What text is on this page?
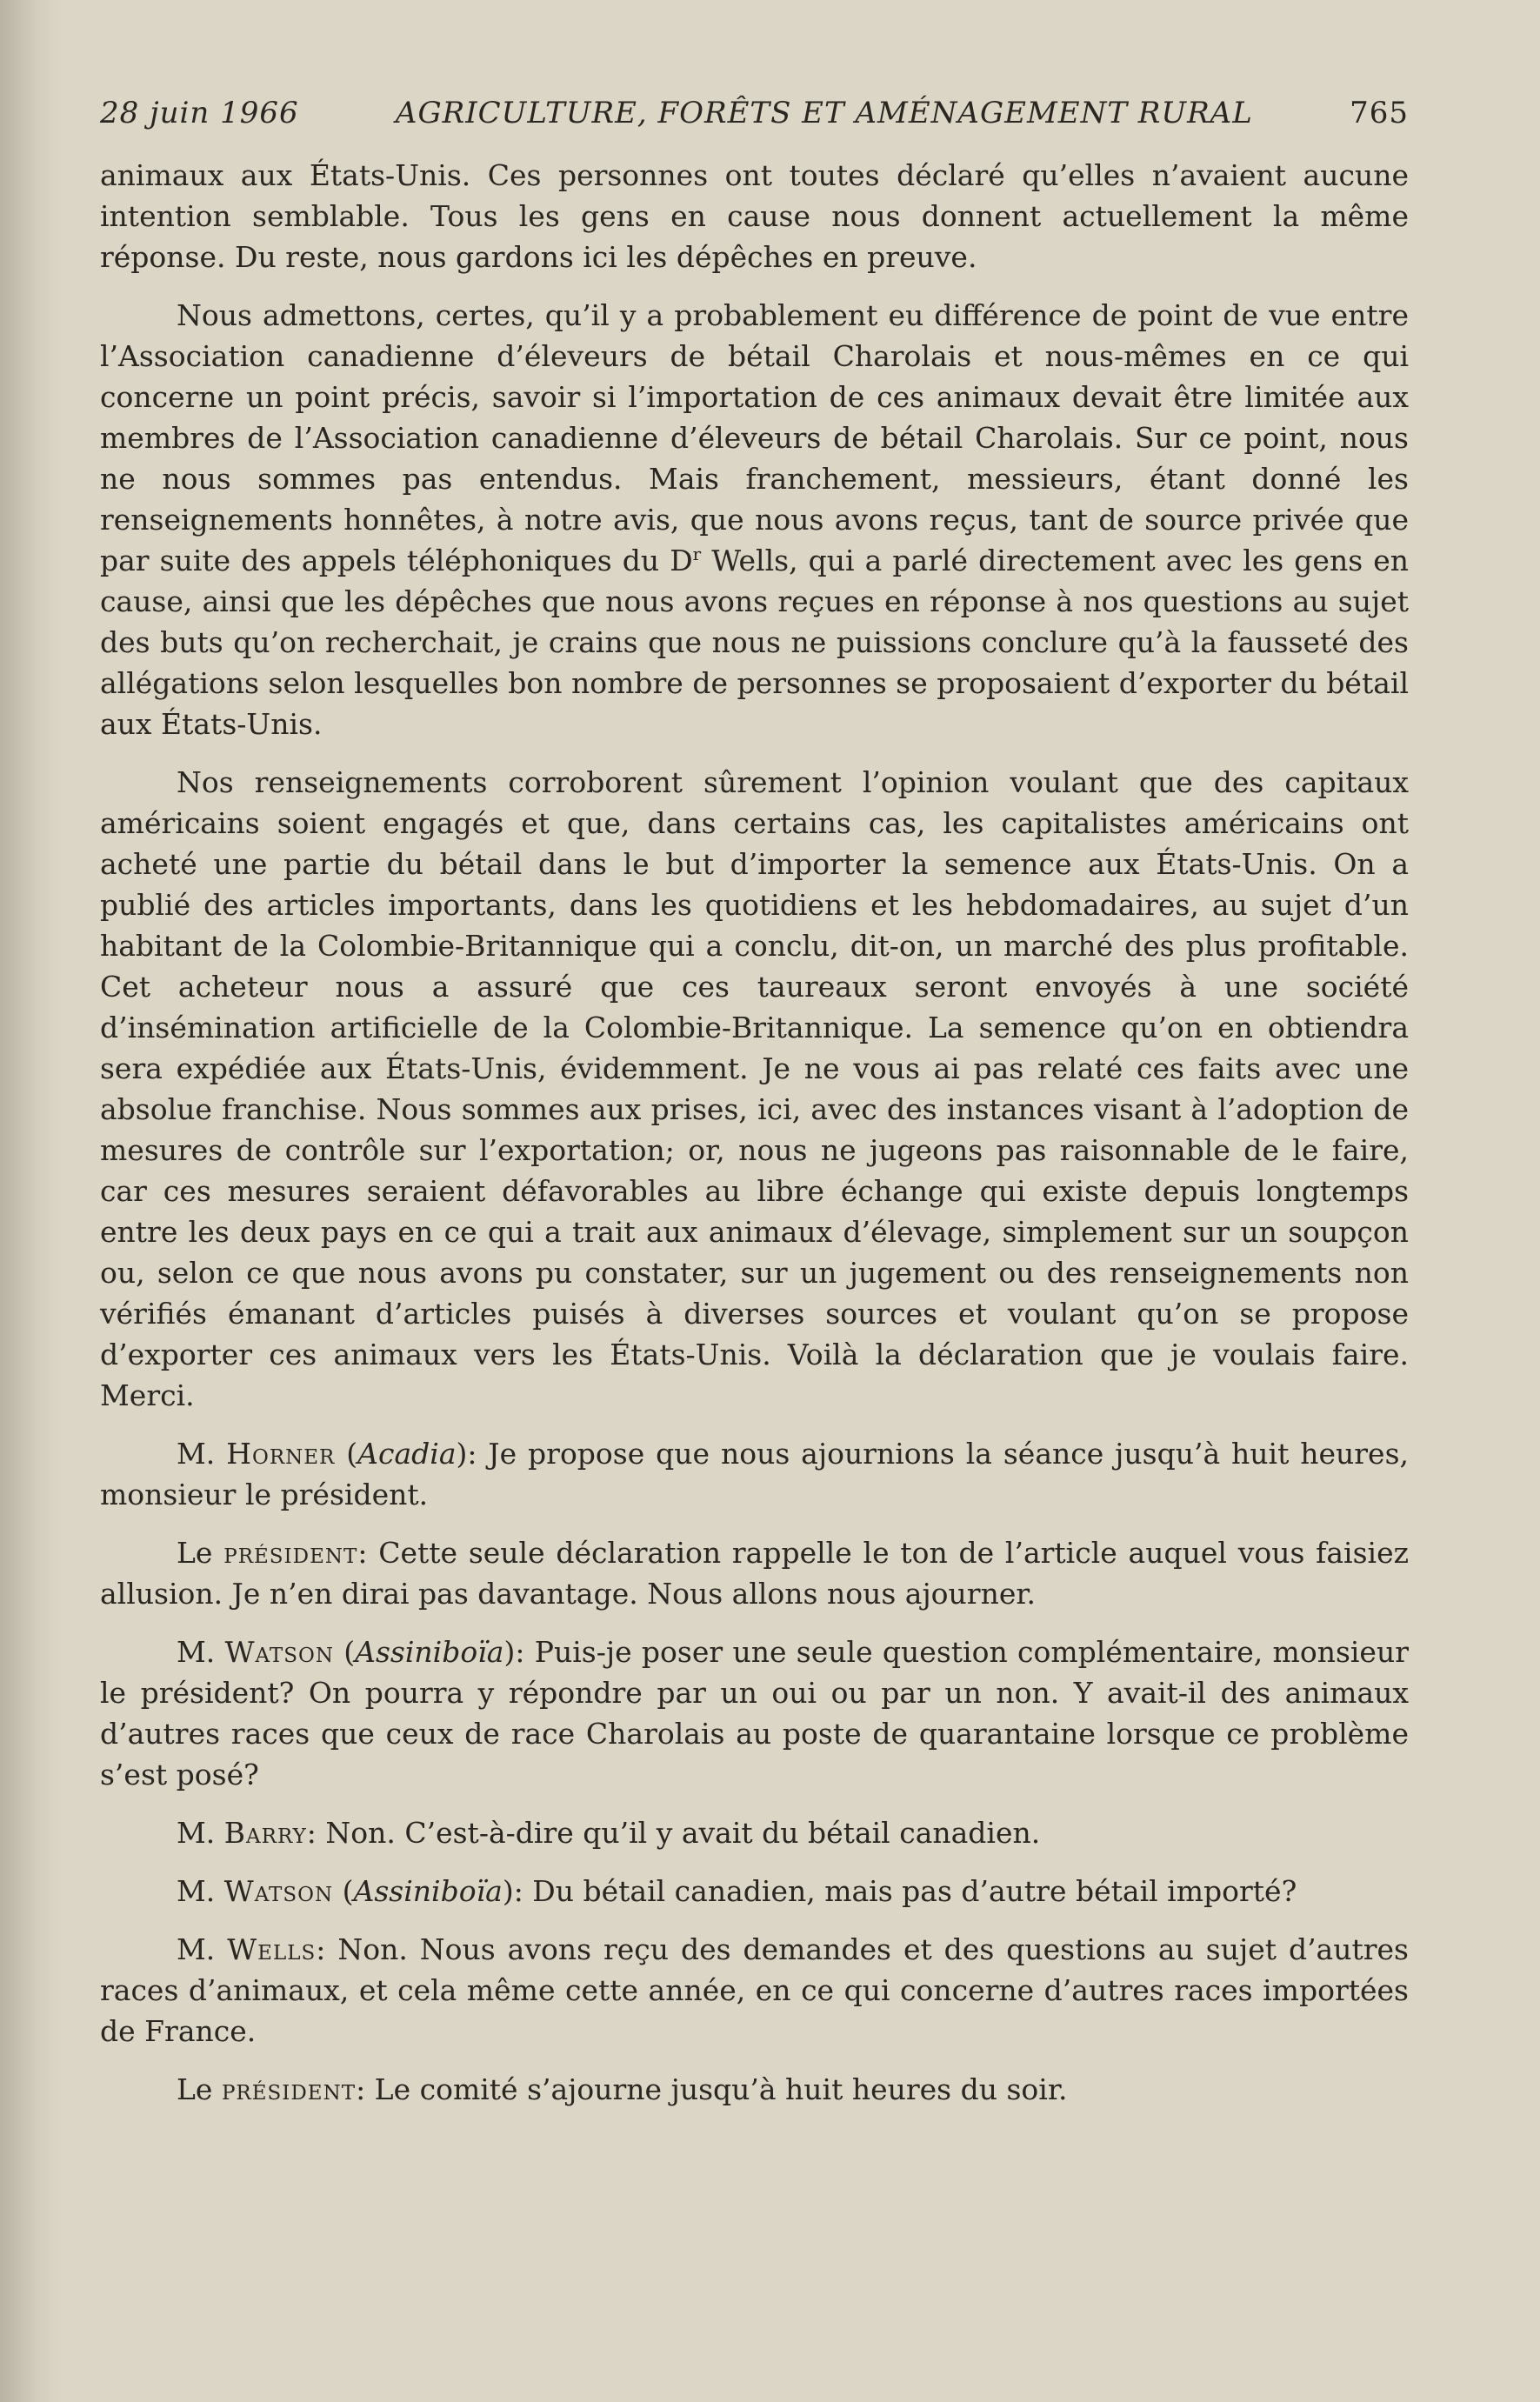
28 juin 1966	AGRICULTURE, FORÊTS ET AMÉNAGEMENT RURAL	765

animaux aux États-Unis. Ces personnes ont toutes déclaré qu’elles n’avaient aucune intention semblable. Tous les gens en cause nous donnent actuellement la même réponse. Du reste, nous gardons ici les dépêches en preuve.

Nous admettons, certes, qu’il y a probablement eu différence de point de vue entre l’Association canadienne d’éleveurs de bétail Charolais et nous-mêmes en ce qui concerne un point précis, savoir si l’importation de ces animaux devait être limitée aux membres de l’Association canadienne d’éleveurs de bétail Charolais. Sur ce point, nous ne nous sommes pas entendus. Mais franchement, messieurs, étant donné les renseignements honnêtes, à notre avis, que nous avons reçus, tant de source privée que par suite des appels téléphoniques du $D^r$ Wells, qui a parlé directement avec les gens en cause, ainsi que les dépêches que nous avons reçues en réponse à nos questions au sujet des buts qu’on recherchait, je crains que nous ne puissions conclure qu’à la fausseté des allégations selon lesquelles bon nombre de personnes se proposaient d’exporter du bétail aux États-Unis.

Nos renseignements corroborent sûrement l’opinion voulant que des capitaux américains soient engagés et que, dans certains cas, les capitalistes américains ont acheté une partie du bétail dans le but d’importer la semence aux États-Unis. On a publié des articles importants, dans les quotidiens et les hebdomadaires, au sujet d’un habitant de la Colombie-Britannique qui a conclu, dit-on, un marché des plus profitable. Cet acheteur nous a assuré que ces taureaux seront envoyés à une société d’insémination artificielle de la Colombie-Britannique. La semence qu’on en obtiendra sera expédiée aux États-Unis, évidemment. Je ne vous ai pas relaté ces faits avec une absolue franchise. Nous sommes aux prises, ici, avec des instances visant à l’adoption de mesures de contrôle sur l’exportation; or, nous ne jugeons pas raisonnable de le faire, car ces mesures seraient défavorables au libre échange qui existe depuis longtemps entre les deux pays en ce qui a trait aux animaux d’élevage, simplement sur un soupçon ou, selon ce que nous avons pu constater, sur un jugement ou des renseignements non vérifiés émanant d’articles puisés à diverses sources et voulant qu’on se propose d’exporter ces animaux vers les États-Unis. Voilà la déclaration que je voulais faire. Merci.

M. Horner (Acadia): Je propose que nous ajournions la séance jusqu’à huit heures, monsieur le président.

Le président: Cette seule déclaration rappelle le ton de l’article auquel vous faisiez allusion. Je n’en dirai pas davantage. Nous allons nous ajourner.

M. Watson (Assiniboïa): Puis-je poser une seule question complémentaire, monsieur le président? On pourra y répondre par un oui ou par un non. Y avait-il des animaux d’autres races que ceux de race Charolais au poste de quarantaine lorsque ce problème s’est posé?

M. Barry: Non. C’est-à-dire qu’il y avait du bétail canadien.

M. Watson (Assiniboïa): Du bétail canadien, mais pas d’autre bétail importé?

M. Wells: Non. Nous avons reçu des demandes et des questions au sujet d’autres races d’animaux, et cela même cette année, en ce qui concerne d’autres races importées de France.

Le président: Le comité s’ajourne jusqu’à huit heures du soir.
